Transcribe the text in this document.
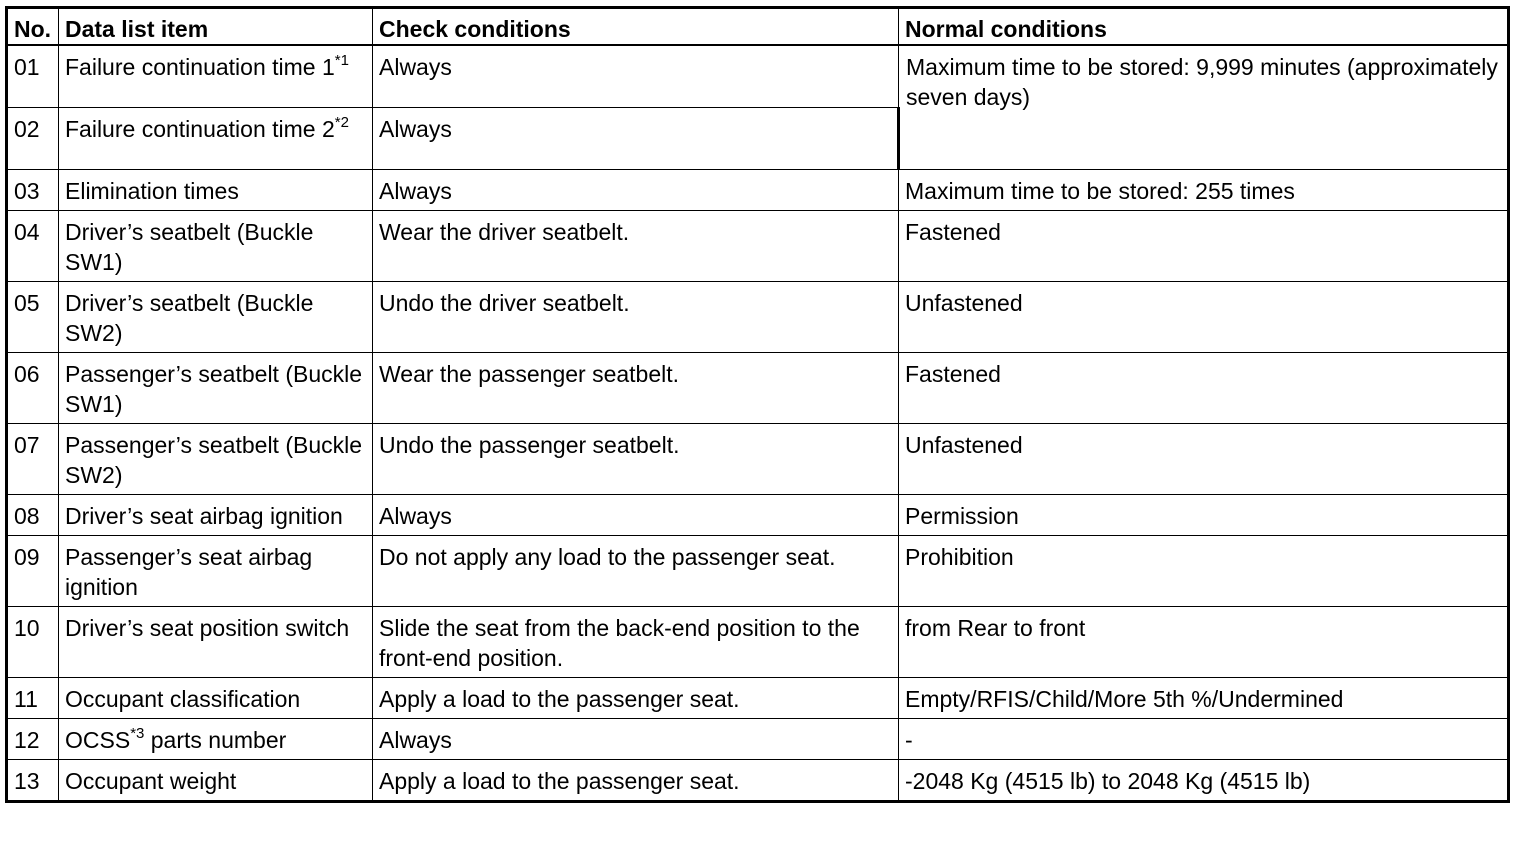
No.	Data list item	Check conditions	Normal conditions
01	Failure continuation time 1$^{*1}$	Always	Maximum time to be stored: 9,999 minutes (approximately seven days)
02	Failure continuation time 2$^{*2}$	Always	
03	Elimination times	Always	Maximum time to be stored: 255 times
04	Driver’s seatbelt (Buckle SW1)	Wear the driver seatbelt.	Fastened
05	Driver’s seatbelt (Buckle SW2)	Undo the driver seatbelt.	Unfastened
06	Passenger’s seatbelt (Buckle SW1)	Wear the passenger seatbelt.	Fastened
07	Passenger’s seatbelt (Buckle SW2)	Undo the passenger seatbelt.	Unfastened
08	Driver’s seat airbag ignition	Always	Permission
09	Passenger’s seat airbag ignition	Do not apply any load to the passenger seat.	Prohibition
10	Driver’s seat position switch	Slide the seat from the back-end position to the front-end position.	from Rear to front
11	Occupant classification	Apply a load to the passenger seat.	Empty/RFIS/Child/More 5th %/Undermined
12	OCSS$^{*3}$ parts number	Always	-
13	Occupant weight	Apply a load to the passenger seat.	-2048 Kg (4515 lb) to 2048 Kg (4515 lb)
